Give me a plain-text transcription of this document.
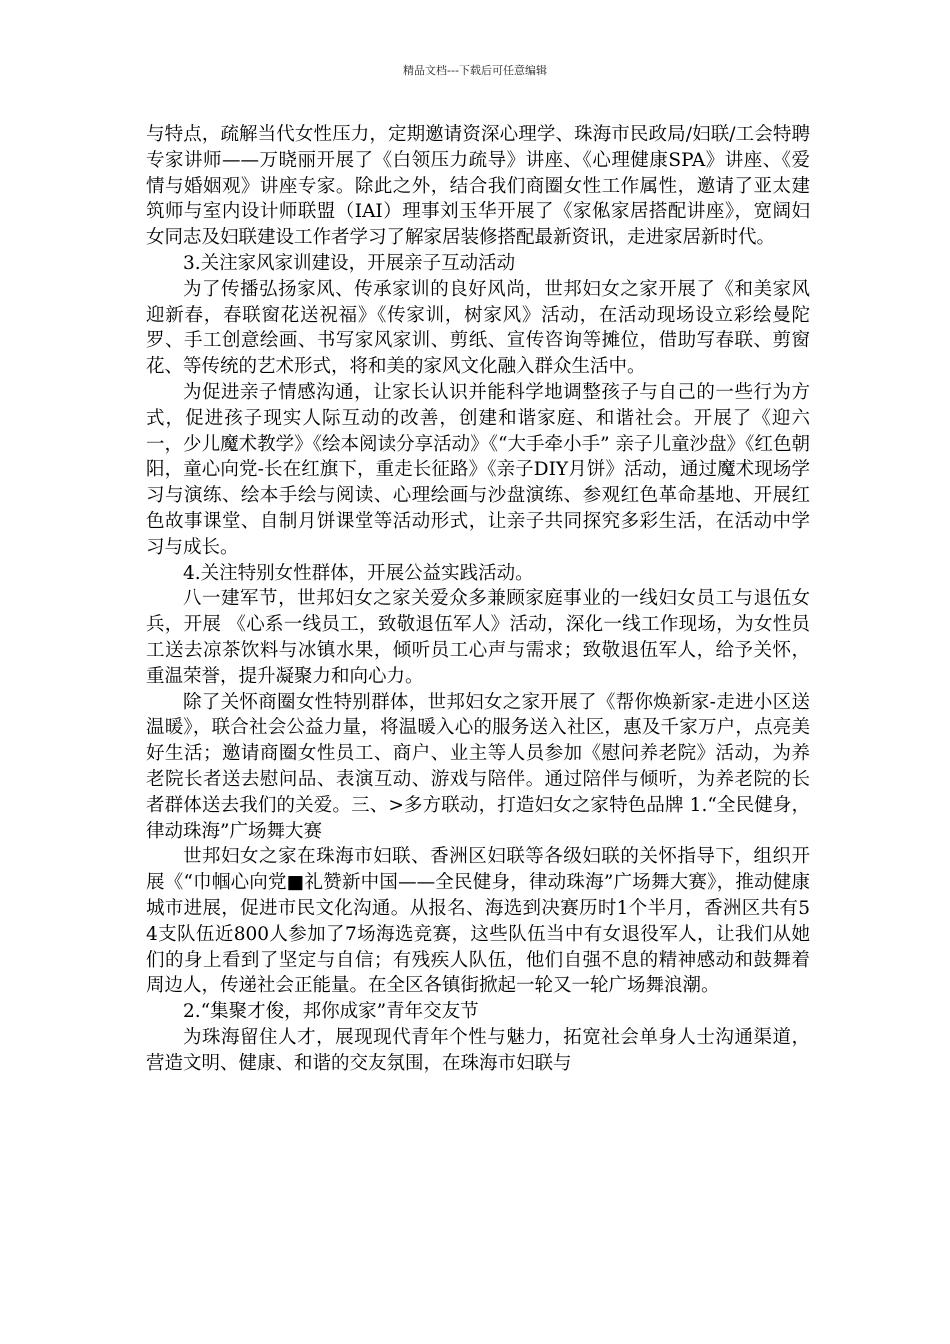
精品文档---下载后可任意编辑

与特点，疏解当代女性压力，定期邀请资深心理学、珠海市民政局/妇联/工会特聘专家讲师——万晓丽开展了《白领压力疏导》讲座、《心理健康SPA》讲座、《爱情与婚姻观》讲座专家。除此之外，结合我们商圈女性工作属性，邀请了亚太建筑师与室内设计师联盟（IAI）理事刘玉华开展了《家俬家居搭配讲座》，宽阔妇女同志及妇联建设工作者学习了解家居装修搭配最新资讯，走进家居新时代。

3.关注家风家训建设，开展亲子互动活动

为了传播弘扬家风、传承家训的良好风尚，世邦妇女之家开展了《和美家风迎新春，春联窗花送祝福》《传家训，树家风》活动，在活动现场设立彩绘曼陀罗、手工创意绘画、书写家风家训、剪纸、宣传咨询等摊位，借助写春联、剪窗花、等传统的艺术形式，将和美的家风文化融入群众生活中。

为促进亲子情感沟通，让家长认识并能科学地调整孩子与自己的一些行为方式，促进孩子现实人际互动的改善，创建和谐家庭、和谐社会。开展了《迎六一，少儿魔术教学》《绘本阅读分享活动》《“大手牵小手” 亲子儿童沙盘》《红色朝阳，童心向党-长在红旗下，重走长征路》《亲子DIY月饼》活动，通过魔术现场学习与演练、绘本手绘与阅读、心理绘画与沙盘演练、参观红色革命基地、开展红色故事课堂、自制月饼课堂等活动形式，让亲子共同探究多彩生活，在活动中学习与成长。

4.关注特别女性群体，开展公益实践活动。

八一建军节，世邦妇女之家关爱众多兼顾家庭事业的一线妇女员工与退伍女兵，开展 《心系一线员工，致敬退伍军人》活动，深化一线工作现场，为女性员工送去凉茶饮料与冰镇水果，倾听员工心声与需求；致敬退伍军人，给予关怀，重温荣誉，提升凝聚力和向心力。

除了关怀商圈女性特别群体，世邦妇女之家开展了《帮你焕新家-走进小区送温暖》，联合社会公益力量，将温暖入心的服务送入社区，惠及千家万户，点亮美好生活；邀请商圈女性员工、商户、业主等人员参加《慰问养老院》活动，为养老院长者送去慰问品、表演互动、游戏与陪伴。通过陪伴与倾听，为养老院的长者群体送去我们的关爱。三、>多方联动，打造妇女之家特色品牌 1.“全民健身，律动珠海”广场舞大赛

世邦妇女之家在珠海市妇联、香洲区妇联等各级妇联的关怀指导下，组织开展《“巾帼心向党■礼赞新中国——全民健身，律动珠海”广场舞大赛》，推动健康城市进展，促进市民文化沟通。从报名、海选到决赛历时1个半月，香洲区共有54支队伍近800人参加了7场海选竞赛，这些队伍当中有女退役军人，让我们从她们的身上看到了坚定与自信；有残疾人队伍，他们自强不息的精神感动和鼓舞着周边人，传递社会正能量。在全区各镇街掀起一轮又一轮广场舞浪潮。

2.“集聚才俊，邦你成家”青年交友节

为珠海留住人才，展现现代青年个性与魅力，拓宽社会单身人士沟通渠道，营造文明、健康、和谐的交友氛围，在珠海市妇联与
